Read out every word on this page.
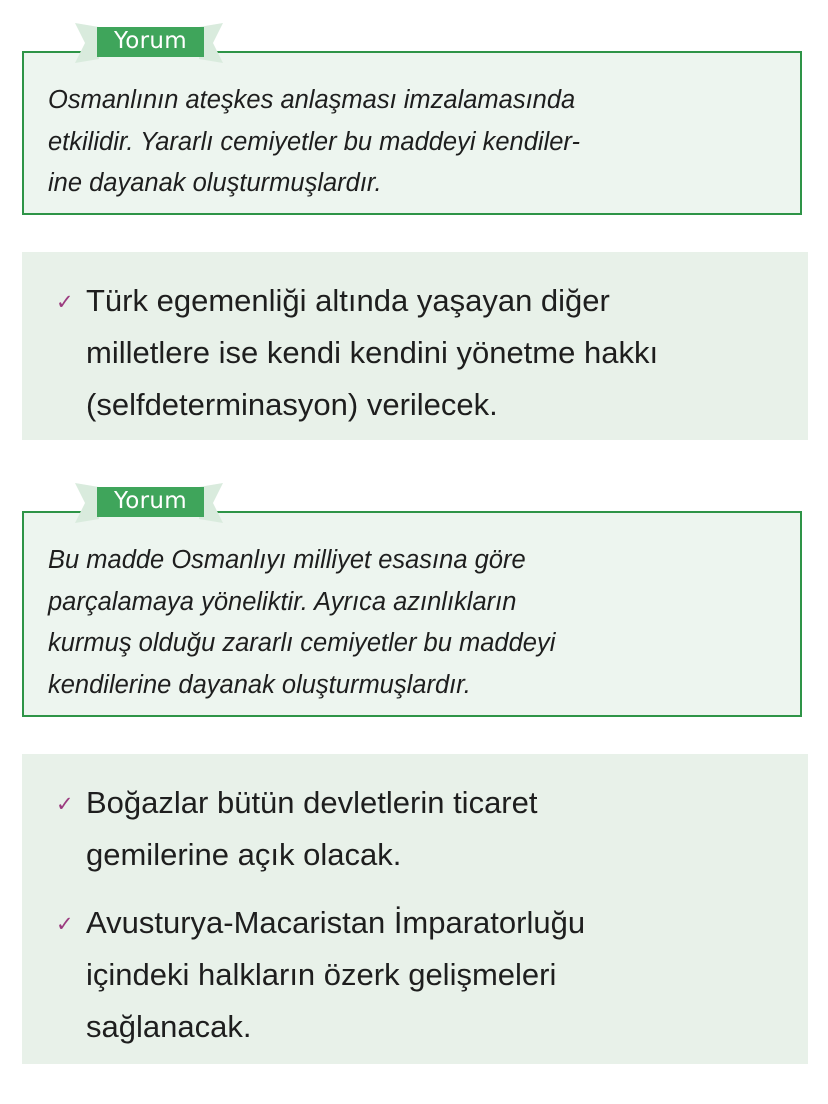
Yorum

Osmanlının ateşkes anlaşması imzalamasında
etkilidir. Yararlı cemiyetler bu maddeyi kendiler-
ine dayanak oluşturmuşlardır.

✓ Türk egemenliği altında yaşayan diğer
milletlere ise kendi kendini yönetme hakkı
(selfdeterminasyon) verilecek.
Yorum

Bu madde Osmanlıyı milliyet esasına göre
parçalamaya yöneliktir. Ayrıca azınlıkların
kurmuş olduğu zararlı cemiyetler bu maddeyi
kendilerine dayanak oluşturmuşlardır.

✓ Boğazlar bütün devletlerin ticaret
gemilerine açık olacak.
✓ Avusturya-Macaristan İmparatorluğu
içindeki halkların özerk gelişmeleri
sağlanacak.
